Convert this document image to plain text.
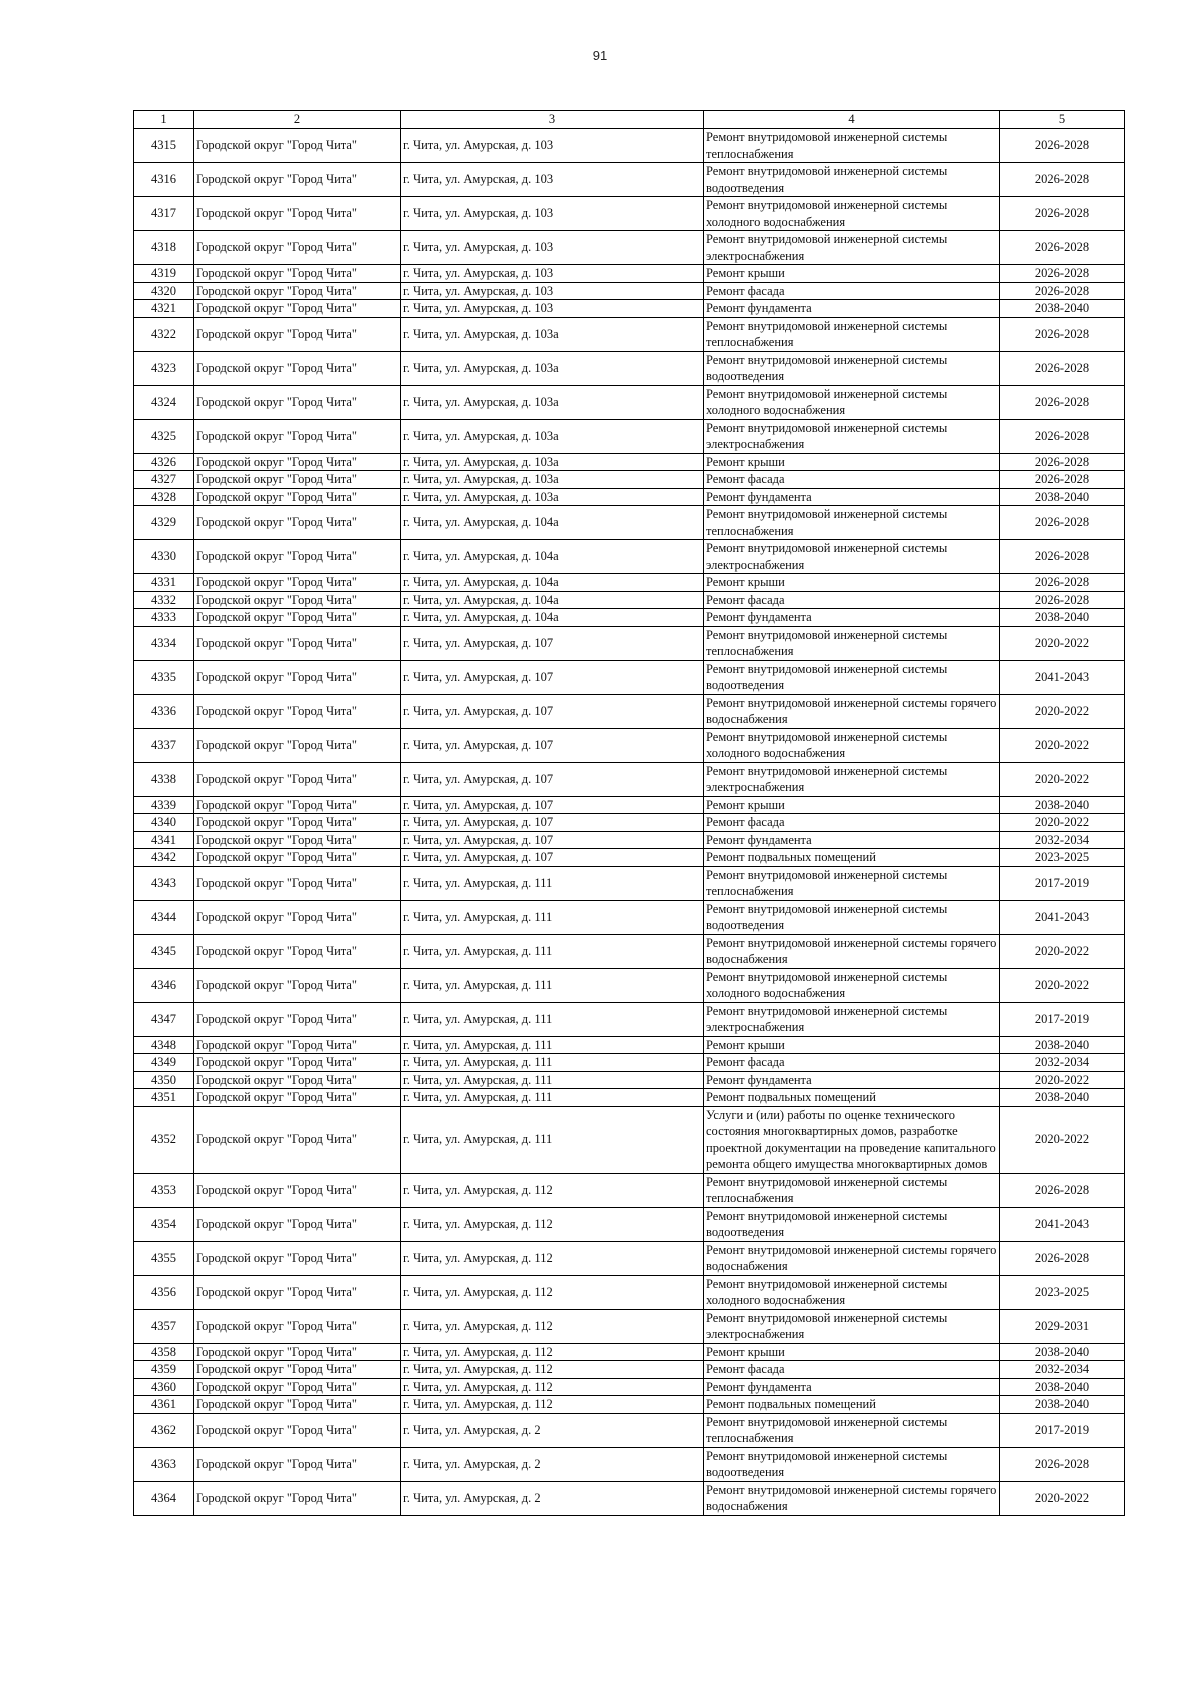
91
1	2	3	4	5
4315	Городской округ "Город Чита"	г. Чита, ул. Амурская, д. 103	Ремонт внутридомовой инженерной системы теплоснабжения	2026-2028
4316	Городской округ "Город Чита"	г. Чита, ул. Амурская, д. 103	Ремонт внутридомовой инженерной системы водоотведения	2026-2028
4317	Городской округ "Город Чита"	г. Чита, ул. Амурская, д. 103	Ремонт внутридомовой инженерной системы холодного водоснабжения	2026-2028
4318	Городской округ "Город Чита"	г. Чита, ул. Амурская, д. 103	Ремонт внутридомовой инженерной системы электроснабжения	2026-2028
4319	Городской округ "Город Чита"	г. Чита, ул. Амурская, д. 103	Ремонт крыши	2026-2028
4320	Городской округ "Город Чита"	г. Чита, ул. Амурская, д. 103	Ремонт фасада	2026-2028
4321	Городской округ "Город Чита"	г. Чита, ул. Амурская, д. 103	Ремонт фундамента	2038-2040
4322	Городской округ "Город Чита"	г. Чита, ул. Амурская, д. 103а	Ремонт внутридомовой инженерной системы теплоснабжения	2026-2028
4323	Городской округ "Город Чита"	г. Чита, ул. Амурская, д. 103а	Ремонт внутридомовой инженерной системы водоотведения	2026-2028
4324	Городской округ "Город Чита"	г. Чита, ул. Амурская, д. 103а	Ремонт внутридомовой инженерной системы холодного водоснабжения	2026-2028
4325	Городской округ "Город Чита"	г. Чита, ул. Амурская, д. 103а	Ремонт внутридомовой инженерной системы электроснабжения	2026-2028
4326	Городской округ "Город Чита"	г. Чита, ул. Амурская, д. 103а	Ремонт крыши	2026-2028
4327	Городской округ "Город Чита"	г. Чита, ул. Амурская, д. 103а	Ремонт фасада	2026-2028
4328	Городской округ "Город Чита"	г. Чита, ул. Амурская, д. 103а	Ремонт фундамента	2038-2040
4329	Городской округ "Город Чита"	г. Чита, ул. Амурская, д. 104а	Ремонт внутридомовой инженерной системы теплоснабжения	2026-2028
4330	Городской округ "Город Чита"	г. Чита, ул. Амурская, д. 104а	Ремонт внутридомовой инженерной системы электроснабжения	2026-2028
4331	Городской округ "Город Чита"	г. Чита, ул. Амурская, д. 104а	Ремонт крыши	2026-2028
4332	Городской округ "Город Чита"	г. Чита, ул. Амурская, д. 104а	Ремонт фасада	2026-2028
4333	Городской округ "Город Чита"	г. Чита, ул. Амурская, д. 104а	Ремонт фундамента	2038-2040
4334	Городской округ "Город Чита"	г. Чита, ул. Амурская, д. 107	Ремонт внутридомовой инженерной системы теплоснабжения	2020-2022
4335	Городской округ "Город Чита"	г. Чита, ул. Амурская, д. 107	Ремонт внутридомовой инженерной системы водоотведения	2041-2043
4336	Городской округ "Город Чита"	г. Чита, ул. Амурская, д. 107	Ремонт внутридомовой инженерной системы горячего водоснабжения	2020-2022
4337	Городской округ "Город Чита"	г. Чита, ул. Амурская, д. 107	Ремонт внутридомовой инженерной системы холодного водоснабжения	2020-2022
4338	Городской округ "Город Чита"	г. Чита, ул. Амурская, д. 107	Ремонт внутридомовой инженерной системы электроснабжения	2020-2022
4339	Городской округ "Город Чита"	г. Чита, ул. Амурская, д. 107	Ремонт крыши	2038-2040
4340	Городской округ "Город Чита"	г. Чита, ул. Амурская, д. 107	Ремонт фасада	2020-2022
4341	Городской округ "Город Чита"	г. Чита, ул. Амурская, д. 107	Ремонт фундамента	2032-2034
4342	Городской округ "Город Чита"	г. Чита, ул. Амурская, д. 107	Ремонт подвальных помещений	2023-2025
4343	Городской округ "Город Чита"	г. Чита, ул. Амурская, д. 111	Ремонт внутридомовой инженерной системы теплоснабжения	2017-2019
4344	Городской округ "Город Чита"	г. Чита, ул. Амурская, д. 111	Ремонт внутридомовой инженерной системы водоотведения	2041-2043
4345	Городской округ "Город Чита"	г. Чита, ул. Амурская, д. 111	Ремонт внутридомовой инженерной системы горячего водоснабжения	2020-2022
4346	Городской округ "Город Чита"	г. Чита, ул. Амурская, д. 111	Ремонт внутридомовой инженерной системы холодного водоснабжения	2020-2022
4347	Городской округ "Город Чита"	г. Чита, ул. Амурская, д. 111	Ремонт внутридомовой инженерной системы электроснабжения	2017-2019
4348	Городской округ "Город Чита"	г. Чита, ул. Амурская, д. 111	Ремонт крыши	2038-2040
4349	Городской округ "Город Чита"	г. Чита, ул. Амурская, д. 111	Ремонт фасада	2032-2034
4350	Городской округ "Город Чита"	г. Чита, ул. Амурская, д. 111	Ремонт фундамента	2020-2022
4351	Городской округ "Город Чита"	г. Чита, ул. Амурская, д. 111	Ремонт подвальных помещений	2038-2040
4352	Городской округ "Город Чита"	г. Чита, ул. Амурская, д. 111	Услуги и (или) работы по оценке технического состояния многоквартирных домов, разработке проектной документации на проведение капитального ремонта общего имущества многоквартирных домов	2020-2022
4353	Городской округ "Город Чита"	г. Чита, ул. Амурская, д. 112	Ремонт внутридомовой инженерной системы теплоснабжения	2026-2028
4354	Городской округ "Город Чита"	г. Чита, ул. Амурская, д. 112	Ремонт внутридомовой инженерной системы водоотведения	2041-2043
4355	Городской округ "Город Чита"	г. Чита, ул. Амурская, д. 112	Ремонт внутридомовой инженерной системы горячего водоснабжения	2026-2028
4356	Городской округ "Город Чита"	г. Чита, ул. Амурская, д. 112	Ремонт внутридомовой инженерной системы холодного водоснабжения	2023-2025
4357	Городской округ "Город Чита"	г. Чита, ул. Амурская, д. 112	Ремонт внутридомовой инженерной системы электроснабжения	2029-2031
4358	Городской округ "Город Чита"	г. Чита, ул. Амурская, д. 112	Ремонт крыши	2038-2040
4359	Городской округ "Город Чита"	г. Чита, ул. Амурская, д. 112	Ремонт фасада	2032-2034
4360	Городской округ "Город Чита"	г. Чита, ул. Амурская, д. 112	Ремонт фундамента	2038-2040
4361	Городской округ "Город Чита"	г. Чита, ул. Амурская, д. 112	Ремонт подвальных помещений	2038-2040
4362	Городской округ "Город Чита"	г. Чита, ул. Амурская, д. 2	Ремонт внутридомовой инженерной системы теплоснабжения	2017-2019
4363	Городской округ "Город Чита"	г. Чита, ул. Амурская, д. 2	Ремонт внутридомовой инженерной системы водоотведения	2026-2028
4364	Городской округ "Город Чита"	г. Чита, ул. Амурская, д. 2	Ремонт внутридомовой инженерной системы горячего водоснабжения	2020-2022
